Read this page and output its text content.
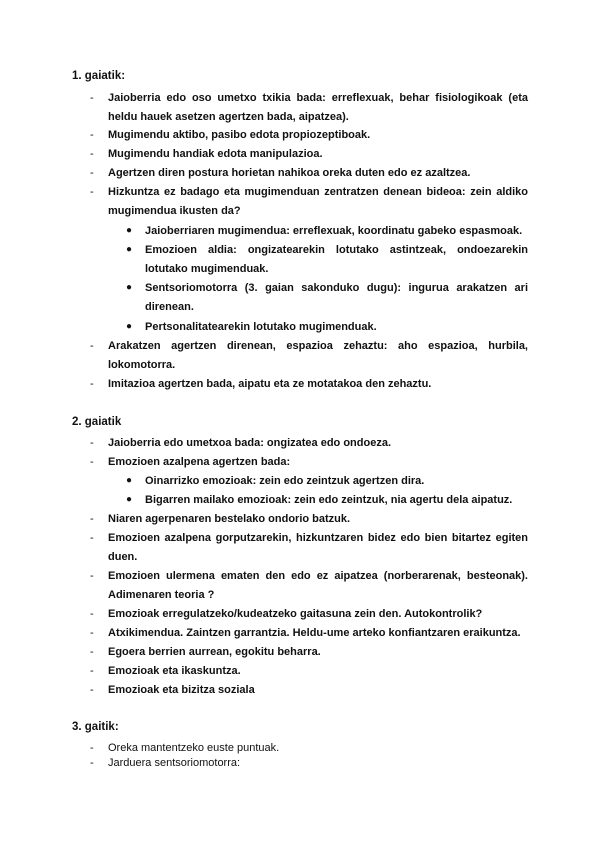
1. gaiatik:
- Jaioberria edo oso umetxo txikia bada: erreflexuak, behar fisiologikoak (eta heldu hauek asetzen agertzen bada, aipatzea).
- Mugimendu aktibo, pasibo edota propiozeptiboak.
- Mugimendu handiak edota manipulazioa.
- Agertzen diren postura horietan nahikoa oreka duten edo ez azaltzea.
- Hizkuntza ez badago eta mugimenduan zentratzen denean bideoa: zein aldiko mugimendua ikusten da?
● Jaioberriaren mugimendua: erreflexuak, koordinatu gabeko espasmoak.
● Emozioen aldia: ongizatearekin lotutako astintzeak, ondoezarekin lotutako mugimenduak.
● Sentsoriomotorra (3. gaian sakonduko dugu): ingurua arakatzen ari direnean.
● Pertsonalitatearekin lotutako mugimenduak.
- Arakatzen agertzen direnean, espazioa zehaztu: aho espazioa, hurbila, lokomotorra.
- Imitazioa agertzen bada, aipatu eta ze motatakoa den zehaztu.
2. gaiatik
- Jaioberria edo umetxoa bada: ongizatea edo ondoeza.
- Emozioen azalpena agertzen bada:
● Oinarrizko emozioak: zein edo zeintzuk agertzen dira.
● Bigarren mailako emozioak: zein edo zeintzuk, nia agertu dela aipatuz.
- Niaren agerpenaren bestelako ondorio batzuk.
- Emozioen azalpena gorputzarekin, hizkuntzaren bidez edo bien bitartez egiten duen.
- Emozioen ulermena ematen den edo ez aipatzea (norberarenak, besteonak). Adimenaren teoria ?
- Emozioak erregulatzeko/kudeatzeko gaitasuna zein den. Autokontrolik?
- Atxikimendua. Zaintzen garrantzia. Heldu-ume arteko konfiantzaren eraikuntza.
- Egoera berrien aurrean, egokitu beharra.
- Emozioak eta ikaskuntza.
- Emozioak eta bizitza soziala
3. gaitik:
- Oreka mantentzeko euste puntuak.
- Jarduera sentsoriomotorra:
